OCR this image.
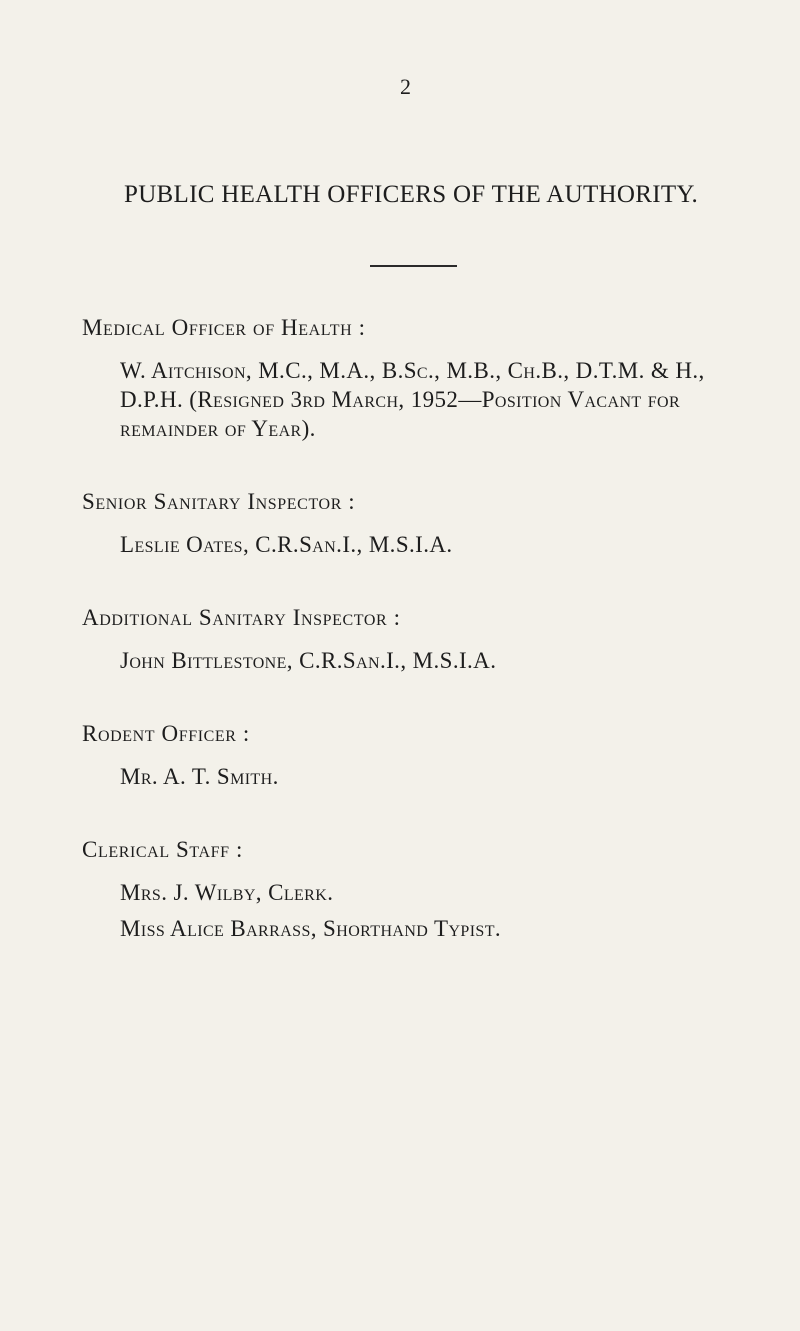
2
PUBLIC HEALTH OFFICERS OF THE AUTHORITY.
Medical Officer of Health :
W. Aitchison, M.C., M.A., B.Sc., M.B., Ch.B., D.T.M. & H., D.P.H. (Resigned 3rd March, 1952—Position Vacant for remainder of Year).
Senior Sanitary Inspector :
Leslie Oates, C.R.San.I., M.S.I.A.
Additional Sanitary Inspector :
John Bittlestone, C.R.San.I., M.S.I.A.
Rodent Officer :
Mr. A. T. Smith.
Clerical Staff :
Mrs. J. Wilby, Clerk.
Miss Alice Barrass, Shorthand Typist.
